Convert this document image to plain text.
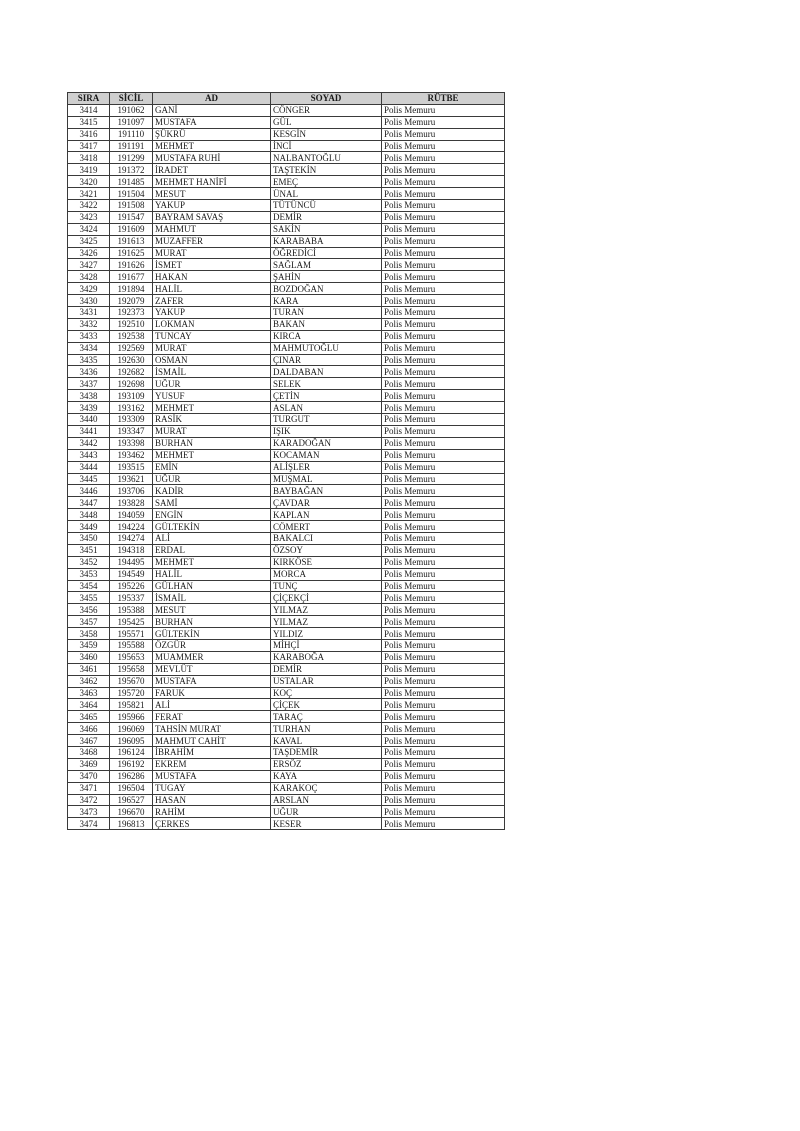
SIRA	SİCİL	AD	SOYAD	RÜTBE
3414	191062	GANİ	CÖNGER	Polis Memuru
3415	191097	MUSTAFA	GÜL	Polis Memuru
3416	191110	ŞÜKRÜ	KESGİN	Polis Memuru
3417	191191	MEHMET	İNCİ	Polis Memuru
3418	191299	MUSTAFA RUHİ	NALBANTOĞLU	Polis Memuru
3419	191372	İRADET	TAŞTEKİN	Polis Memuru
3420	191485	MEHMET HANİFİ	EMEÇ	Polis Memuru
3421	191504	MESUT	ÜNAL	Polis Memuru
3422	191508	YAKUP	TÜTÜNCÜ	Polis Memuru
3423	191547	BAYRAM SAVAŞ	DEMİR	Polis Memuru
3424	191609	MAHMUT	SAKİN	Polis Memuru
3425	191613	MUZAFFER	KARABABA	Polis Memuru
3426	191625	MURAT	ÖĞREDİCİ	Polis Memuru
3427	191626	İSMET	SAĞLAM	Polis Memuru
3428	191677	HAKAN	ŞAHİN	Polis Memuru
3429	191894	HALİL	BOZDOĞAN	Polis Memuru
3430	192079	ZAFER	KARA	Polis Memuru
3431	192373	YAKUP	TURAN	Polis Memuru
3432	192510	LOKMAN	BAKAN	Polis Memuru
3433	192538	TUNCAY	KIRCA	Polis Memuru
3434	192569	MURAT	MAHMUTOĞLU	Polis Memuru
3435	192630	OSMAN	ÇINAR	Polis Memuru
3436	192682	İSMAİL	DALDABAN	Polis Memuru
3437	192698	UĞUR	SELEK	Polis Memuru
3438	193109	YUSUF	ÇETİN	Polis Memuru
3439	193162	MEHMET	ASLAN	Polis Memuru
3440	193309	RASİK	TURGUT	Polis Memuru
3441	193347	MURAT	IŞIK	Polis Memuru
3442	193398	BURHAN	KARADOĞAN	Polis Memuru
3443	193462	MEHMET	KOCAMAN	Polis Memuru
3444	193515	EMİN	ALİŞLER	Polis Memuru
3445	193621	UĞUR	MUŞMAL	Polis Memuru
3446	193706	KADİR	BAYBAĞAN	Polis Memuru
3447	193828	SAMİ	ÇAVDAR	Polis Memuru
3448	194059	ENGİN	KAPLAN	Polis Memuru
3449	194224	GÜLTEKİN	CÖMERT	Polis Memuru
3450	194274	ALİ	BAKALCI	Polis Memuru
3451	194318	ERDAL	ÖZSOY	Polis Memuru
3452	194495	MEHMET	KIRKÖSE	Polis Memuru
3453	194549	HALİL	MORCA	Polis Memuru
3454	195226	GÜLHAN	TUNÇ	Polis Memuru
3455	195337	İSMAİL	ÇİÇEKÇİ	Polis Memuru
3456	195388	MESUT	YILMAZ	Polis Memuru
3457	195425	BURHAN	YILMAZ	Polis Memuru
3458	195571	GÜLTEKİN	YILDIZ	Polis Memuru
3459	195588	ÖZGÜR	MİHÇİ	Polis Memuru
3460	195653	MUAMMER	KARABOĞA	Polis Memuru
3461	195658	MEVLÜT	DEMİR	Polis Memuru
3462	195670	MUSTAFA	USTALAR	Polis Memuru
3463	195720	FARUK	KOÇ	Polis Memuru
3464	195821	ALİ	ÇİÇEK	Polis Memuru
3465	195966	FERAT	TARAÇ	Polis Memuru
3466	196069	TAHSİN MURAT	TURHAN	Polis Memuru
3467	196095	MAHMUT CAHİT	KAVAL	Polis Memuru
3468	196124	İBRAHİM	TAŞDEMİR	Polis Memuru
3469	196192	EKREM	ERSÖZ	Polis Memuru
3470	196286	MUSTAFA	KAYA	Polis Memuru
3471	196504	TUGAY	KARAKOÇ	Polis Memuru
3472	196527	HASAN	ARSLAN	Polis Memuru
3473	196670	RAHİM	UĞUR	Polis Memuru
3474	196813	ÇERKES	KESER	Polis Memuru
